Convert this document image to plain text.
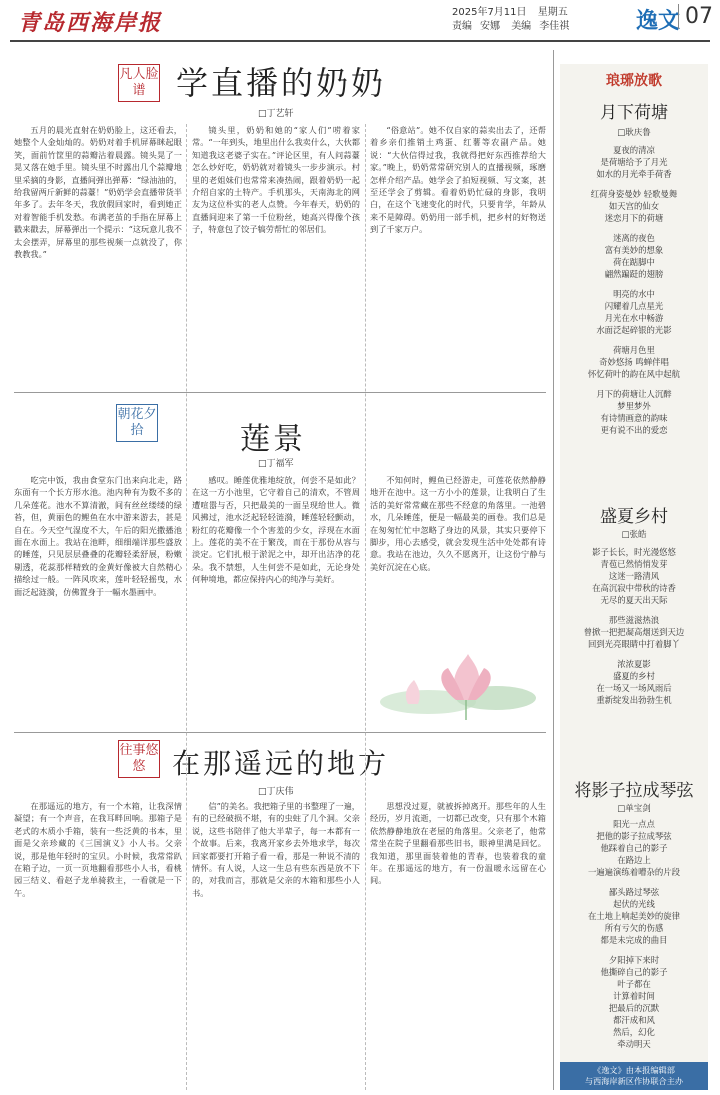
青岛西海岸报	2025年7月11日 星期五
责编 安娜 美编 李佳祺	逸文 07
凡人脸谱 学直播的奶奶
□丁艺轩

五月的晨光直射在奶奶脸上，这还看去，她整个人金灿灿的。奶奶对着手机屏幕眯起眼笑，面前竹筐里的蒜瓣沾着晨露。镜头晃了一晃又落在她手里。镜头里不时露出几个蒜瓣地里采摘的身影，直播间弹出弹幕：“绿油油的，给我留两斤新鲜的蒜薹！”奶奶学会直播带货半年多了。去年冬天，我放假回家时，看到她正对着智能手机发愁。布满老茧的手指在屏幕上戳来戳去，屏幕弹出一个提示：“这玩意儿我不太会摆弄，屏幕里的那些视频一点就没了，你教教我。”

镜头里，奶奶和她的“家人们”唠着家常。“一年到头，地里出什么我卖什么，大伙都知道我这老婆子实在。”评论区里，有人问蒜薹怎么炒好吃，奶奶就对着镜头一步步演示。村里的老姐妹们也常常来凑热闹，跟着奶奶一起介绍自家的土特产。手机那头，天南海北的网友为这位朴实的老人点赞。今年春天，奶奶的直播间迎来了第一千位粉丝，她高兴得像个孩子，特意包了饺子犒劳帮忙的邻居们。

“俗意站”。她不仅自家的蒜卖出去了，还帮着乡亲们推销土鸡蛋、红薯等农副产品。她说：“大伙信得过我，我就得把好东西推荐给大家。”晚上，奶奶常常研究别人的直播视频，琢磨怎样介绍产品。她学会了拍短视频、写文案，甚至还学会了剪辑。看着奶奶忙碌的身影，我明白，在这个飞速变化的时代，只要肯学，年龄从来不是障碍。奶奶用一部手机，把乡村的好物送到了千家万户。

朝花夕拾	莲景
□丁福军

吃完中饭，我由食堂东门出来向北走，路东面有一个长方形水池。池内种有为数不多的几朵莲花。池水不算清澈，间有丝丝缕缕的绿苔，但，黄丽色的鲤鱼在水中游来游去，甚是自在。今天空气湿度不大，午后的阳光撒播池面在水面上。我站在池畔，细细端详那些盛放的睡莲，只见层层叠叠的花瓣轻柔舒展，粉嫩剔透，花蕊那样精致的金黄好像被大自然精心描绘过一般。一阵风吹来，莲叶轻轻摇曳，水面泛起涟漪，仿佛置身于一幅水墨画中。

感叹。睡莲优雅地绽放，何尝不是如此？在这一方小池里，它守着自己的清欢，不管周遭喧嚣与否，只把最美的一面呈现给世人。微风拂过，池水泛起轻轻涟漪，睡莲轻轻颤动，粉红的花瓣像一个个害羞的少女，浮现在水面上。莲花的美不在于繁茂，而在于那份从容与淡定。它们扎根于淤泥之中，却开出洁净的花朵。我不禁想，人生何尝不是如此，无论身处何种境地，都应保持内心的纯净与美好。

不知何时，鲤鱼已经游走，可莲花依然静静地开在池中。这一方小小的莲景，让我明白了生活的美好常常藏在那些不经意的角落里。一池碧水，几朵睡莲，便是一幅最美的画卷。我们总是在匆匆忙忙中忽略了身边的风景，其实只要停下脚步，用心去感受，就会发现生活中处处都有诗意。我站在池边，久久不愿离开，让这份宁静与美好沉淀在心底。

往事悠悠 在那遥远的地方
□丁庆伟

在那遥远的地方，有一个木箱，让我深情凝望；有一个声音，在我耳畔回响。那箱子是老式的木质小手箱，装有一些泛黄的书本，里面是父亲珍藏的《三国演义》小人书。父亲说，那是他年轻时的宝贝。小时候，我常常趴在箱子边，一页一页地翻看那些小人书，看桃园三结义、看赵子龙单骑救主，一看就是一下午。

信”的美名。我把箱子里的书整理了一遍，有的已经破损不堪，有的虫蛀了几个洞。父亲说，这些书陪伴了他大半辈子，每一本都有一个故事。后来，我离开家乡去外地求学，每次回家都要打开箱子看一看，那是一种说不清的情怀。有人说，人这一生总有些东西是放不下的，对我而言，那就是父亲的木箱和那些小人书。

思想没过夏，就被拆掉离开。那些年的人生经历，岁月流逝，一切都已改变，只有那个木箱依然静静地放在老屋的角落里。父亲老了，他常常坐在院子里翻看那些旧书，眼神里满是回忆。我知道，那里面装着他的青春，也装着我的童年。在那遥远的地方，有一份温暖永远留在心间。

琅琊放歌
月下荷塘
□耿庆鲁
夏夜的清凉
是荷塘给予了月光
如水的月光牵手荷香
红荷身姿曼妙 轻歌曼舞
如天宫的仙女
迷恋月下的荷塘
迷离的夜色
富有美妙的想象
荷在踮脚中
翩然蹁跹的翅膀
明亮的水中
闪耀着几点星光
月光在水中畅游
水面泛起碎银的光影
荷塘月色里
奇妙悠扬 鸣蝉伴唱
怀忆荷叶的韵在风中起航
月下的荷塘让人沉醉
梦里梦外
有诗情画意的韵味
更有说不出的爱恋
盛夏乡村
□张皓
影子长长，时光漫悠悠
青苞已然悄悄发芽
这迷一路清风
在高沉寂中带秋的诗香
无尽的夏天出天际
那些滋滋热浪
曾掀一把把凝高烟送到天边
回到光亮眼睛中打着脚丫
浓浓夏影
盛夏的乡村
在一场又一场风雨后
重新绽发出勃勃生机
将影子拉成琴弦
□单宝剑
阳光一点点
把他的影子拉成琴弦
他踩着自己的影子
在路边上
一遍遍演练着嘈杂的片段
鄙头路过琴弦
起伏的光线
在土地上响起美妙的旋律
所有亏欠的伤感
都是未完成的曲目
夕阳掉下来时
他撕碎自己的影子
叶子都在
计算着时间
把最后的沉默
都汗成和风
然后，幻化
牵动明天
《逸文》由本报编辑部
与西海岸新区作协联合主办
